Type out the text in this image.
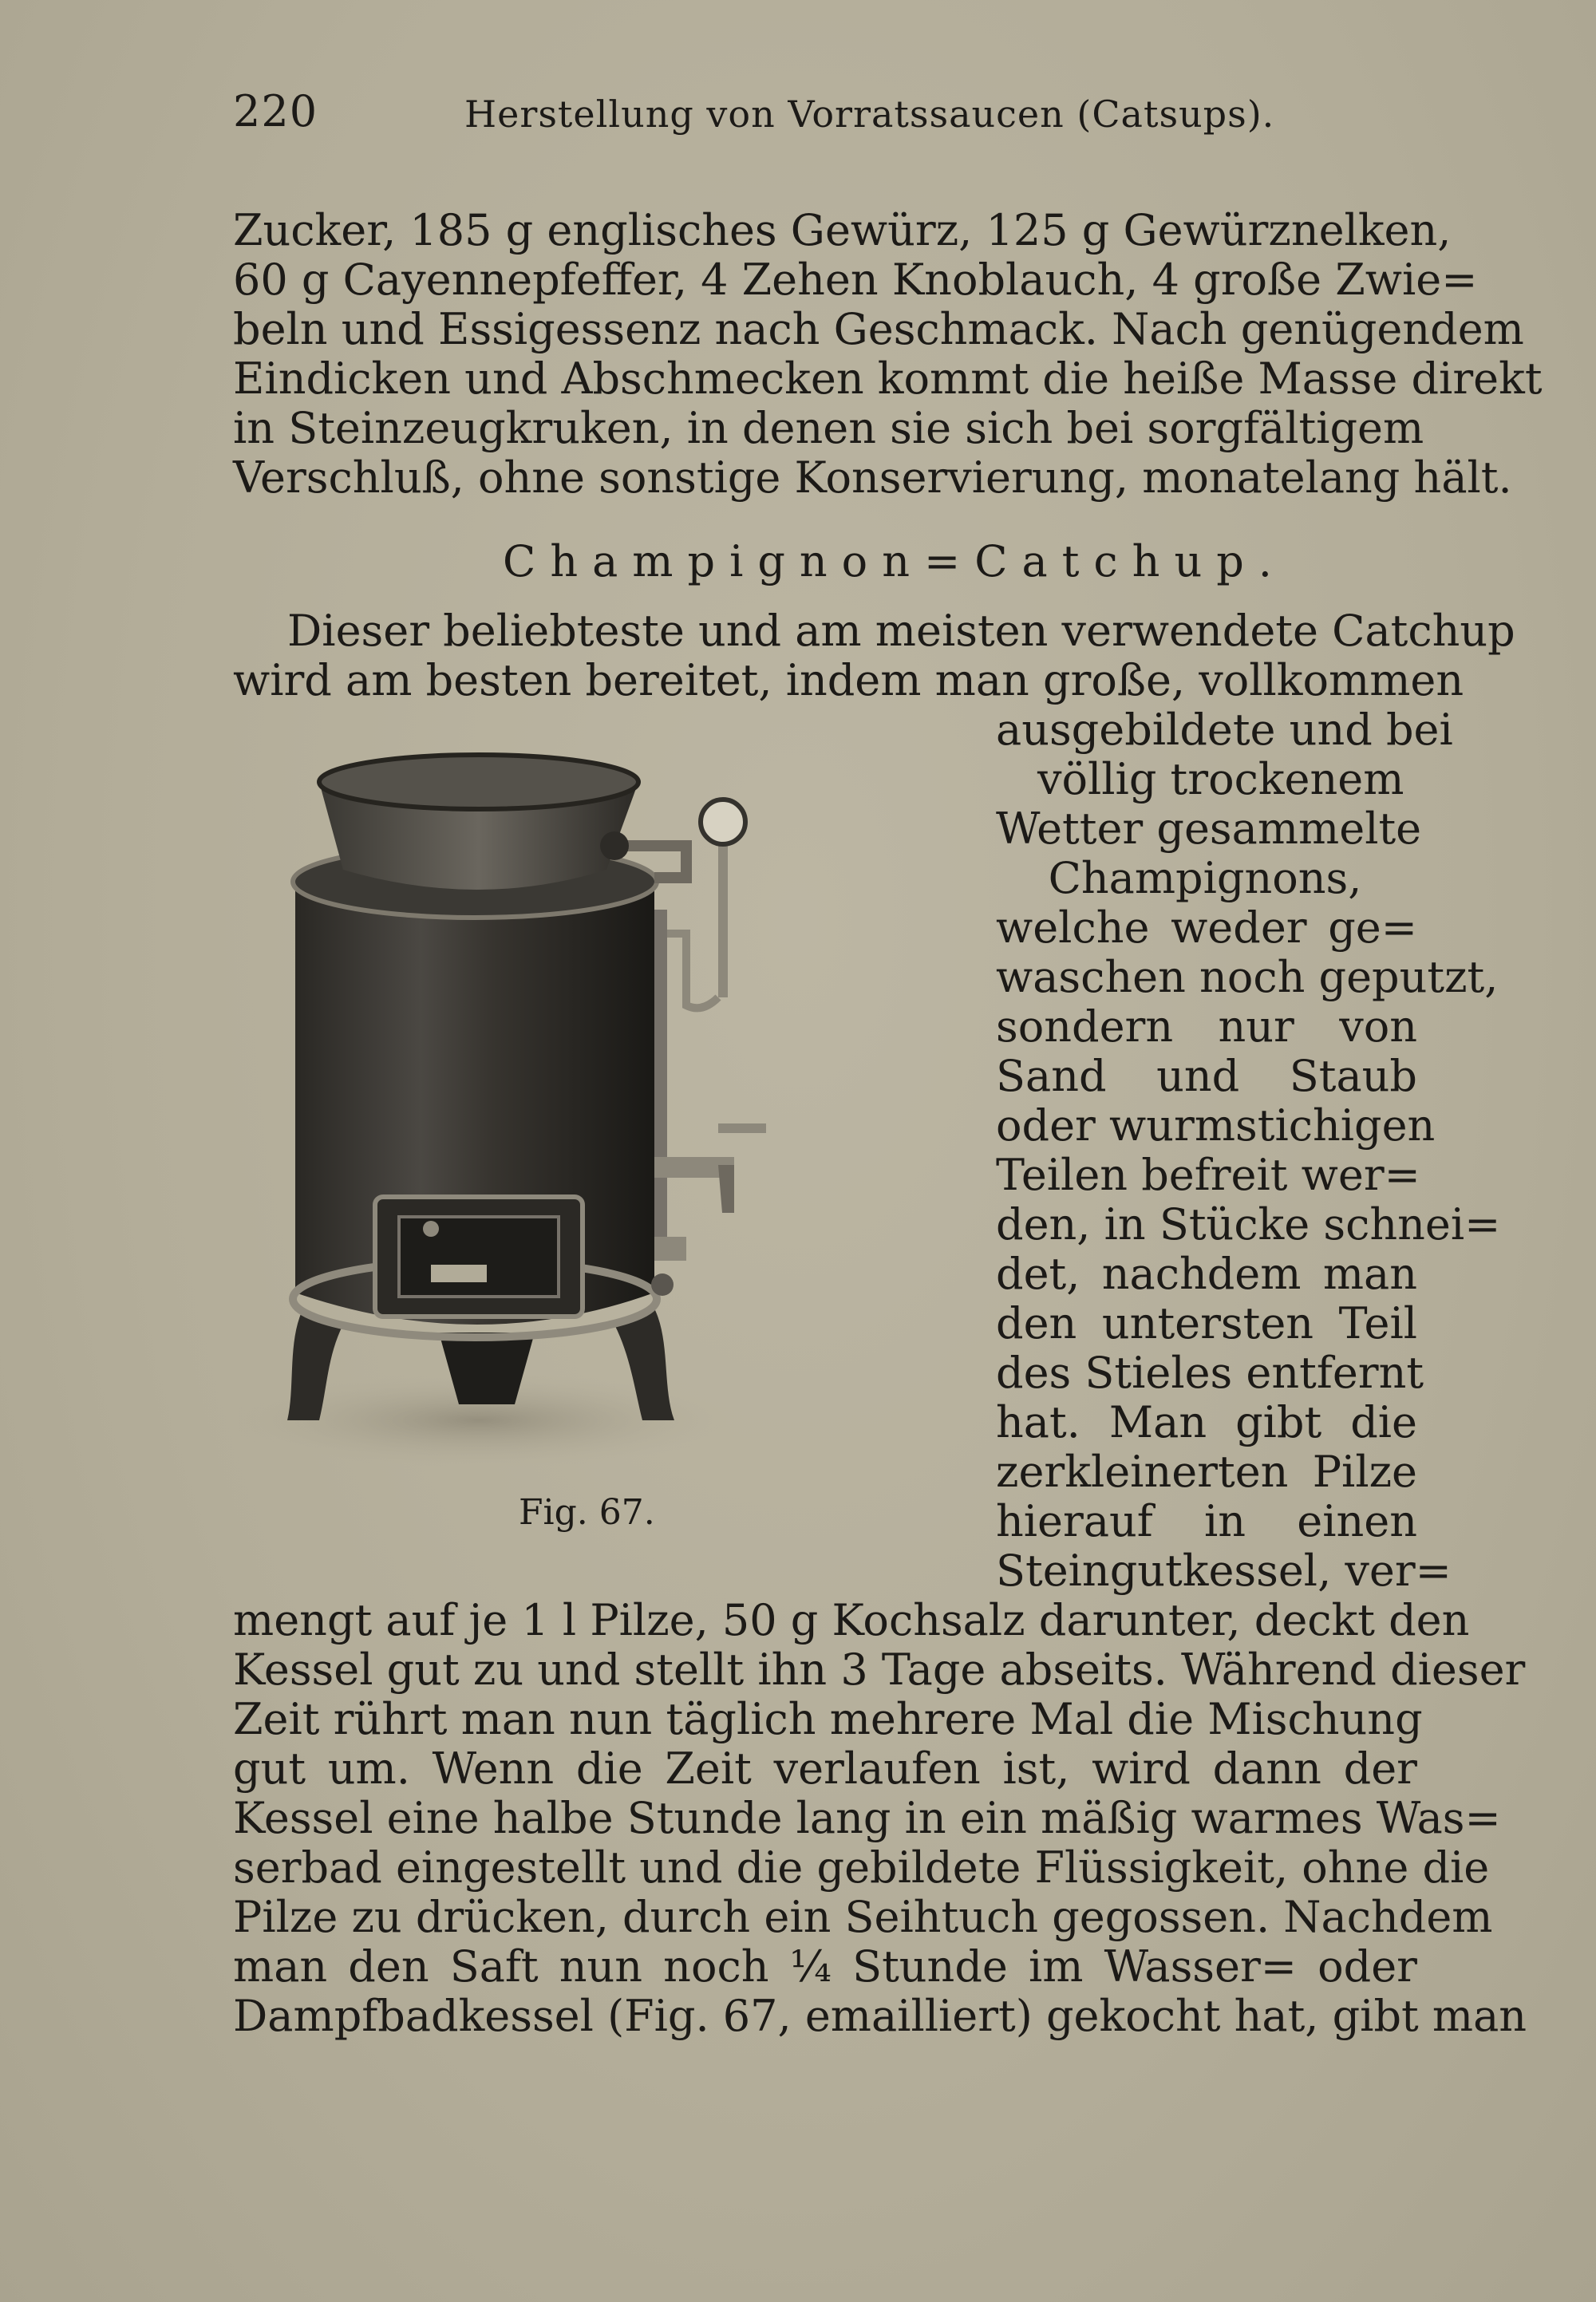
220	Herstellung von Vorratssaucen (Catsups).
Zucker, 185 g englisches Gewürz, 125 g Gewürznelken,
60 g Cayennepfeffer, 4 Zehen Knoblauch, 4 große Zwie=
beln und Essigessenz nach Geschmack. Nach genügendem
Eindicken und Abschmecken kommt die heiße Masse direkt
in Steinzeugkruken, in denen sie sich bei sorgfältigem
Verschluß, ohne sonstige Konservierung, monatelang hält.
Champignon=Catchup.
Dieser beliebteste und am meisten verwendete Catchup
wird am besten bereitet, indem man große, vollkommen
ausgebildete und bei
völlig trockenem
Wetter gesammelte
Champignons,
welche weder ge=
waschen noch geputzt,
sondern nur von
Sand und Staub
oder wurmstichigen
Teilen befreit wer=
den, in Stücke schnei=
det, nachdem man
den untersten Teil
des Stieles entfernt
hat. Man gibt die
zerkleinerten Pilze
hierauf in einen
Steingutkessel, ver=
Fig. 67.
mengt auf je 1 l Pilze, 50 g Kochsalz darunter, deckt den
Kessel gut zu und stellt ihn 3 Tage abseits. Während dieser
Zeit rührt man nun täglich mehrere Mal die Mischung
gut um. Wenn die Zeit verlaufen ist, wird dann der
Kessel eine halbe Stunde lang in ein mäßig warmes Was=
serbad eingestellt und die gebildete Flüssigkeit, ohne die
Pilze zu drücken, durch ein Seihtuch gegossen. Nachdem
man den Saft nun noch ¼ Stunde im Wasser= oder
Dampfbadkessel (Fig. 67, emailliert) gekocht hat, gibt man
